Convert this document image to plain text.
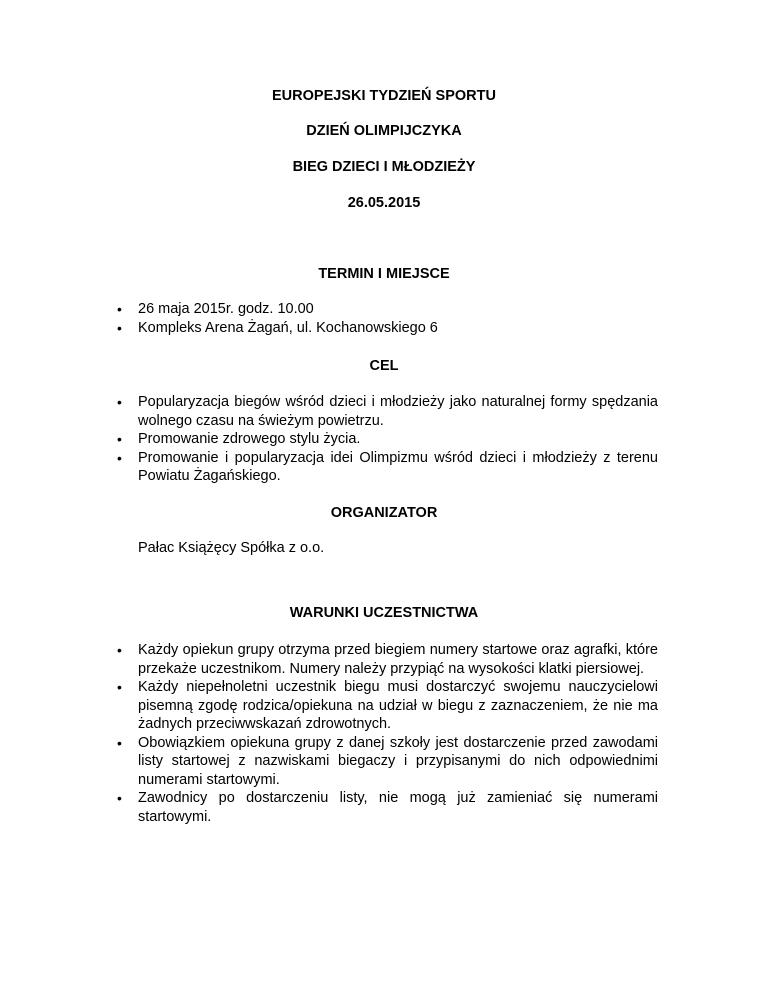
EUROPEJSKI TYDZIEŃ SPORTU
DZIEŃ OLIMPIJCZYKA
BIEG DZIECI I MŁODZIEŻY
26.05.2015
TERMIN I MIEJSCE
• 26 maja 2015r. godz. 10.00
• Kompleks Arena Żagań, ul. Kochanowskiego 6
CEL
• Popularyzacja biegów wśród dzieci i młodzieży jako naturalnej formy spędzania wolnego czasu na świeżym powietrzu.
• Promowanie zdrowego stylu życia.
• Promowanie i popularyzacja idei Olimpizmu wśród dzieci i młodzieży z terenu Powiatu Żagańskiego.
ORGANIZATOR
Pałac Książęcy Spółka z o.o.
WARUNKI UCZESTNICTWA
• Każdy opiekun grupy otrzyma przed biegiem numery startowe oraz agrafki, które przekaże uczestnikom. Numery należy przypiąć na wysokości klatki piersiowej.
• Każdy niepełnoletni uczestnik biegu musi dostarczyć swojemu nauczycielowi pisemną zgodę rodzica/opiekuna na udział w biegu z zaznaczeniem, że nie ma żadnych przeciwwskazań zdrowotnych.
• Obowiązkiem opiekuna grupy z danej szkoły jest dostarczenie przed zawodami listy startowej z nazwiskami biegaczy i przypisanymi do nich odpowiednimi numerami startowymi.
• Zawodnicy po dostarczeniu listy, nie mogą już zamieniać się numerami startowymi.
